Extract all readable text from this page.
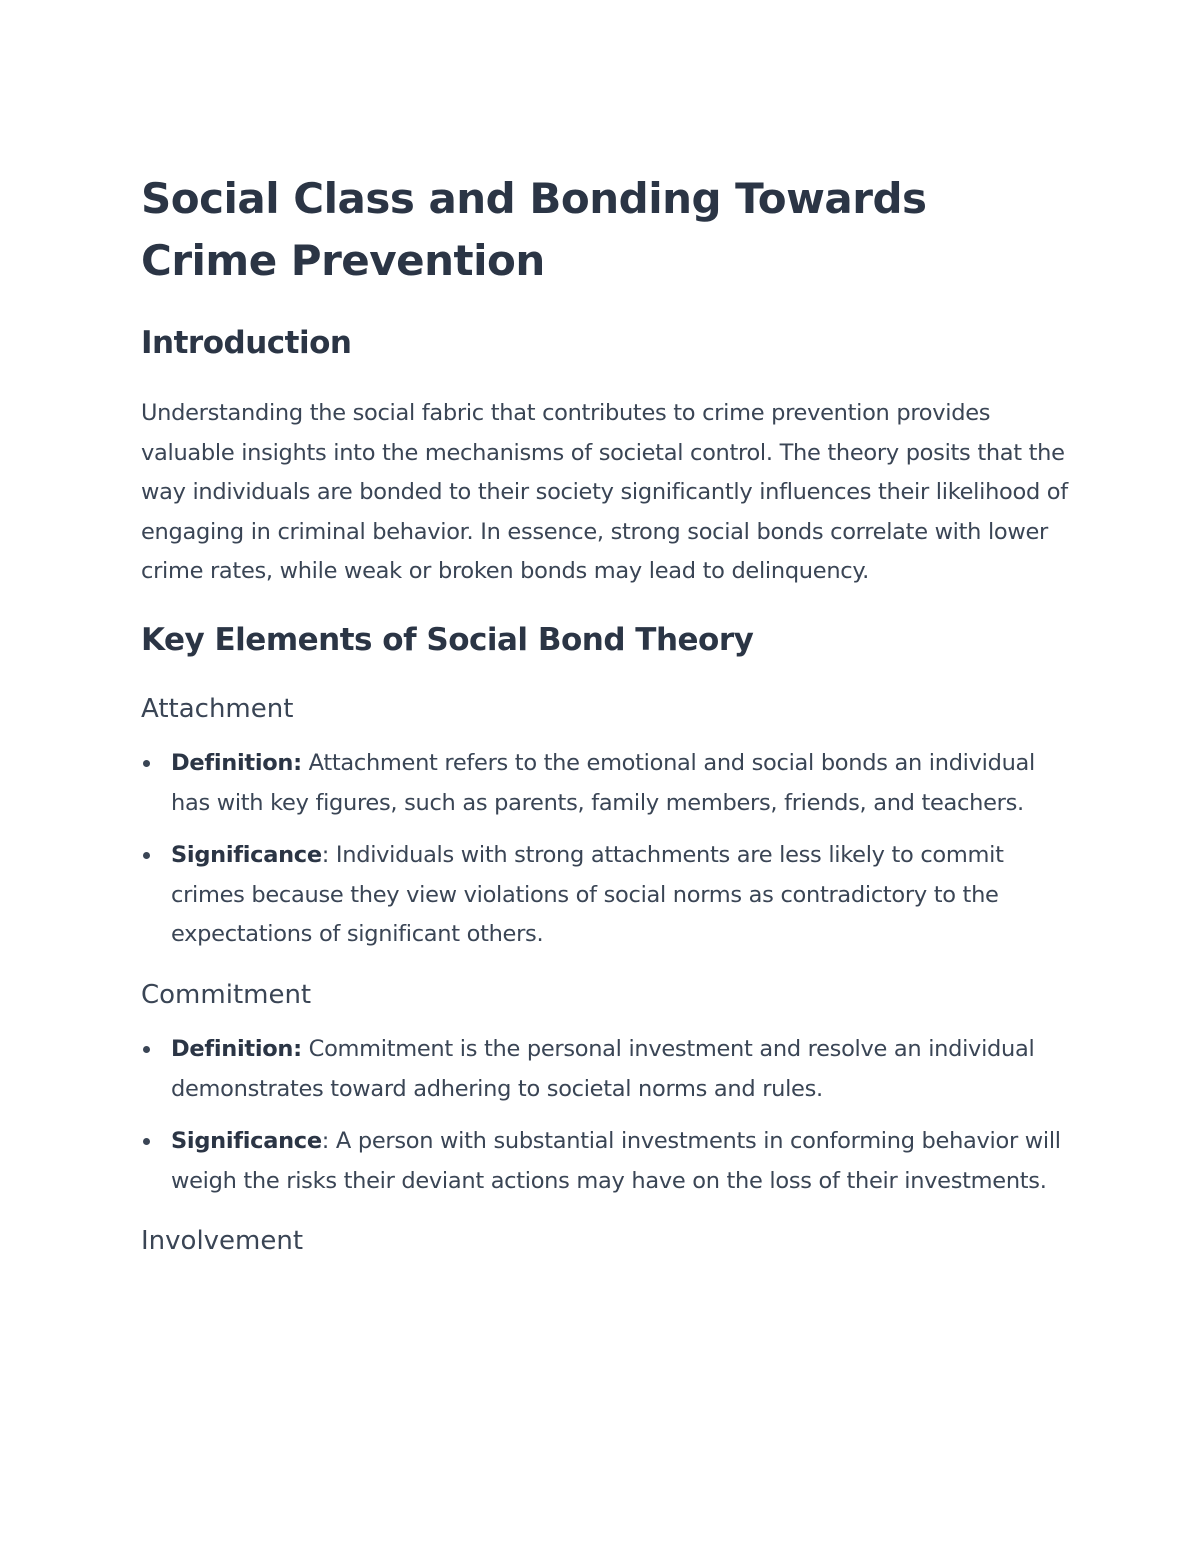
Social Class and Bonding Towards Crime Prevention
Introduction

Understanding the social fabric that contributes to crime prevention provides valuable insights into the mechanisms of societal control. The theory posits that the way individuals are bonded to their society significantly influences their likelihood of engaging in criminal behavior. In essence, strong social bonds correlate with lower crime rates, while weak or broken bonds may lead to delinquency.

Key Elements of Social Bond Theory
Attachment
Definition: Attachment refers to the emotional and social bonds an individual has with key figures, such as parents, family members, friends, and teachers.
Significance: Individuals with strong attachments are less likely to commit crimes because they view violations of social norms as contradictory to the expectations of significant others.
Commitment
Definition: Commitment is the personal investment and resolve an individual demonstrates toward adhering to societal norms and rules.
Significance: A person with substantial investments in conforming behavior will weigh the risks their deviant actions may have on the loss of their investments.
Involvement
